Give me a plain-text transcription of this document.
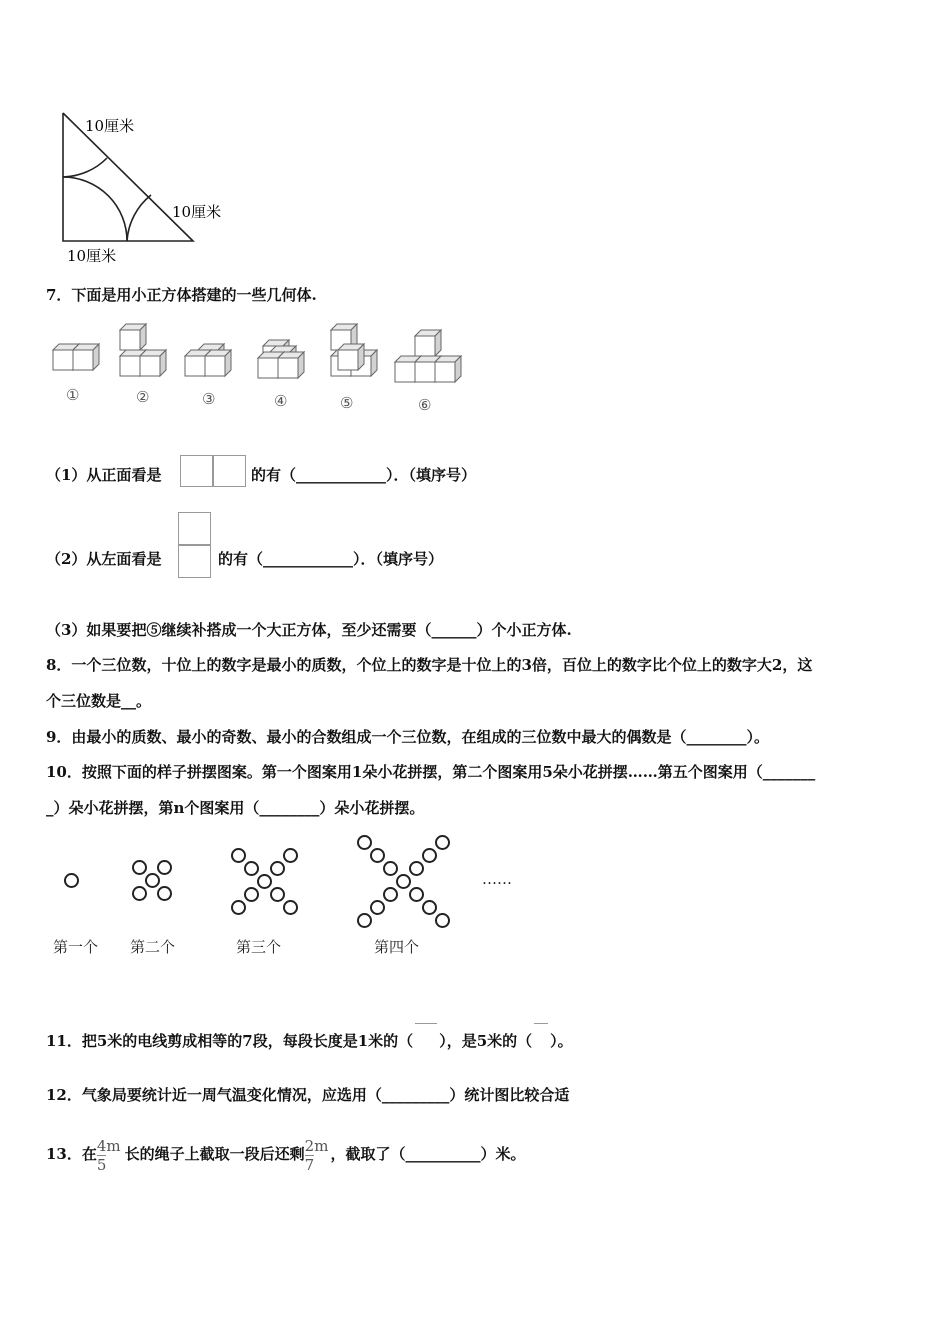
10厘米
10厘米
10厘米
7．下面是用小正方体搭建的一些几何体.
①	②	③	④	⑤	⑥
（1）从正面看是	的有（____________）．（填序号）
（2）从左面看是	的有（____________）．（填序号）
（3）如果要把⑤继续补搭成一个大正方体，至少还需要（______）个小正方体.
8．一个三位数，十位上的数字是最小的质数，个位上的数字是十位上的3倍，百位上的数字比个位上的数字大2，这
个三位数是__。
9．由最小的质数、最小的奇数、最小的合数组成一个三位数，在组成的三位数中最大的偶数是（________）。
10．按照下面的样子拼摆图案。第一个图案用1朵小花拼摆，第二个图案用5朵小花拼摆……第五个图案用（_______
_）朵小花拼摆，第n个图案用（________）朵小花拼摆。
……
第一个 第二个	第三个	第四个
11．把5米的电线剪成相等的7段，每段长度是1米的（ ），是5米的（ ）。
12．气象局要统计近一周气温变化情况，应选用（_________）统计图比较合适
13．在 $\frac{4}{5}$ m 长的绳子上截取一段后还剩 $\frac{2}{7}$ m ，截取了（__________）米。
